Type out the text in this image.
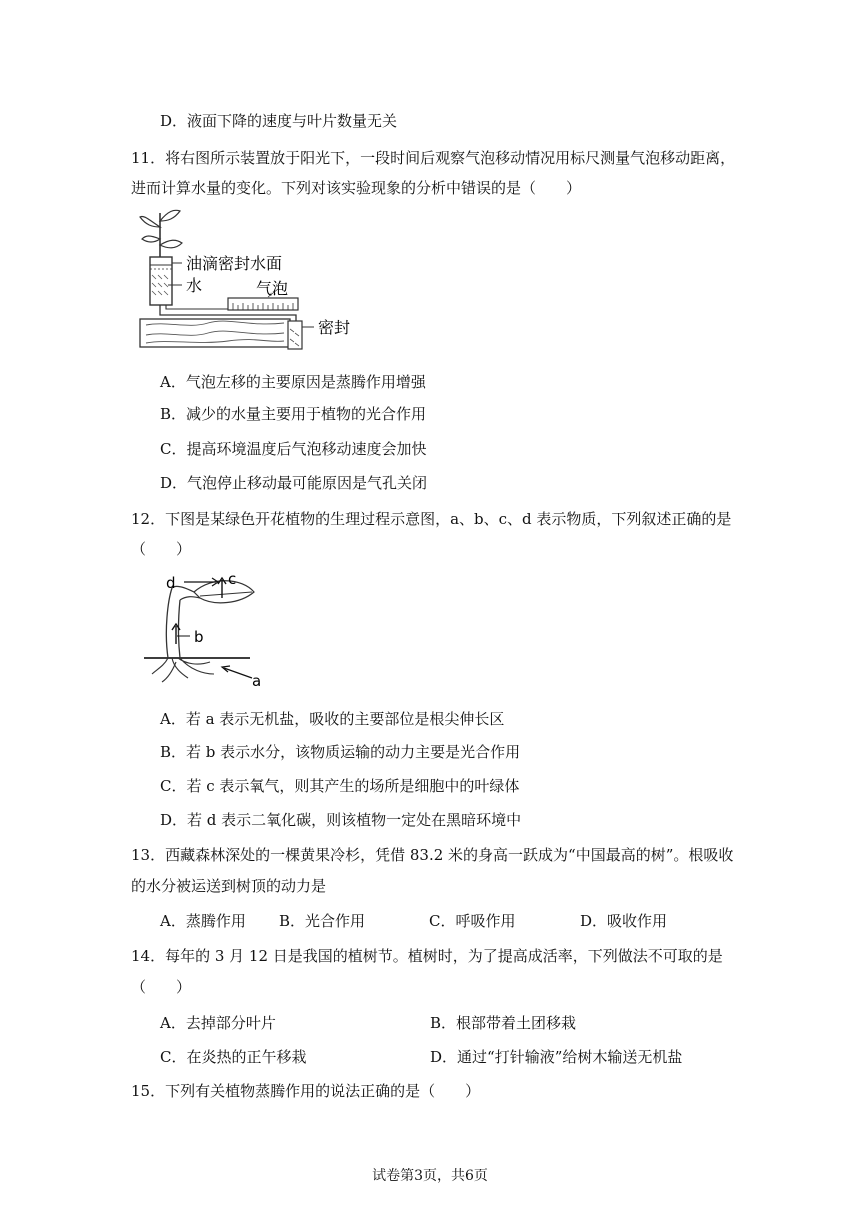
D．液面下降的速度与叶片数量无关
11．将右图所示装置放于阳光下，一段时间后观察气泡移动情况用标尺测量气泡移动距离，
进而计算水量的变化。下列对该实验现象的分析中错误的是（　　）
油滴密封水面
水	气泡
密封
A．气泡左移的主要原因是蒸腾作用增强
B．减少的水量主要用于植物的光合作用
C．提高环境温度后气泡移动速度会加快
D．气泡停止移动最可能原因是气孔关闭
12．下图是某绿色开花植物的生理过程示意图，a、b、c、d 表示物质，下列叙述正确的是
（　　）
d	c
b
a
A．若 a 表示无机盐，吸收的主要部位是根尖伸长区
B．若 b 表示水分，该物质运输的动力主要是光合作用
C．若 c 表示氧气，则其产生的场所是细胞中的叶绿体
D．若 d 表示二氧化碳，则该植物一定处在黑暗环境中
13．西藏森林深处的一棵黄果冷杉，凭借 83.2 米的身高一跃成为“中国最高的树”。根吸收
的水分被运送到树顶的动力是
A．蒸腾作用 B．光合作用	C．呼吸作用	D．吸收作用
14．每年的 3 月 12 日是我国的植树节。植树时，为了提高成活率，下列做法不可取的是
（　　）
A．去掉部分叶片	B．根部带着土团移栽
C．在炎热的正午移栽	D．通过“打针输液”给树木输送无机盐
15．下列有关植物蒸腾作用的说法正确的是（　　）
试卷第3页，共6页
